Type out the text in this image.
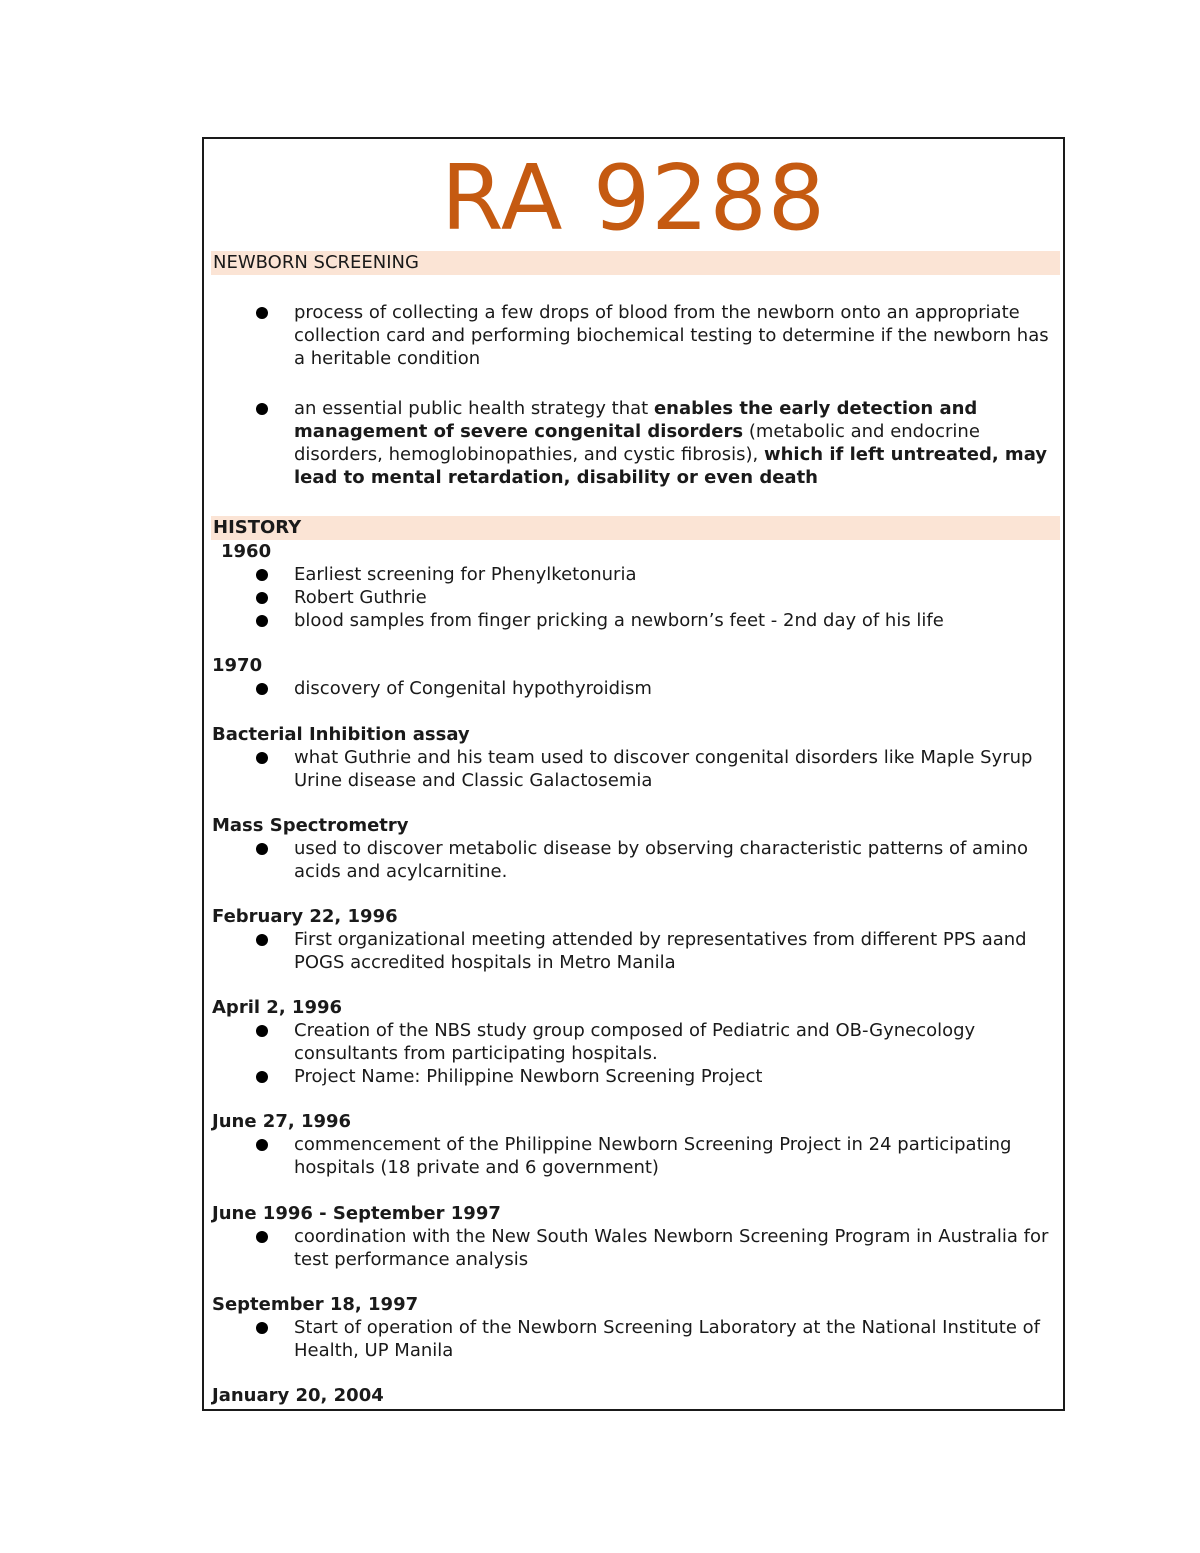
RA 9288
NEWBORN SCREENING
process of collecting a few drops of blood from the newborn onto an appropriate collection card and performing biochemical testing to determine if the newborn has a heritable condition
an essential public health strategy that enables the early detection and management of severe congenital disorders (metabolic and endocrine disorders, hemoglobinopathies, and cystic fibrosis), which if left untreated, may lead to mental retardation, disability or even death
HISTORY

1960

Earliest screening for Phenylketonuria
Robert Guthrie
blood samples from finger pricking a newborn’s feet - 2nd day of his life

1970

discovery of Congenital hypothyroidism

Bacterial Inhibition assay

what Guthrie and his team used to discover congenital disorders like Maple Syrup Urine disease and Classic Galactosemia

Mass Spectrometry

used to discover metabolic disease by observing characteristic patterns of amino acids and acylcarnitine.

February 22, 1996

First organizational meeting attended by representatives from different PPS aand POGS accredited hospitals in Metro Manila

April 2, 1996

Creation of the NBS study group composed of Pediatric and OB-Gynecology consultants from participating hospitals.
Project Name: Philippine Newborn Screening Project

June 27, 1996

commencement of the Philippine Newborn Screening Project in 24 participating hospitals (18 private and 6 government)

June 1996 - September 1997

coordination with the New South Wales Newborn Screening Program in Australia for test performance analysis

September 18, 1997

Start of operation of the Newborn Screening Laboratory at the National Institute of Health, UP Manila

January 20, 2004
